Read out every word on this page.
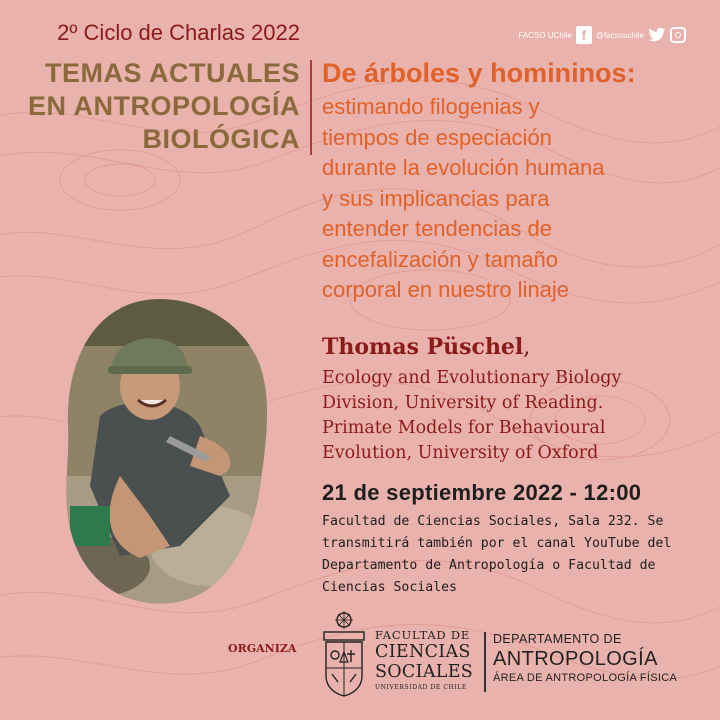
2º Ciclo de Charlas 2022
TEMAS ACTUALES
EN ANTROPOLOGÍA
BIOLÓGICA
FACSO UChile f	@facsouchile
De árboles y homininos:
estimando filogenias y
tiempos de especiación
durante la evolución humana
y sus implicancias para
entender tendencias de
encefalización y tamaño
corporal en nuestro linaje
Thomas Püschel,
Ecology and Evolutionary Biology
Division, University of Reading.
Primate Models for Behavioural
Evolution, University of Oxford
21 de septiembre 2022 - 12:00
Facultad de Ciencias Sociales, Sala 232. Se
transmitirá también por el canal YouTube del
Departamento de Antropología o Facultad de
Ciencias Sociales
ORGANIZA
FACULTAD DE
CIENCIAS
SOCIALES
UNIVERSIDAD DE CHILE
DEPARTAMENTO DE
ANTROPOLOGÍA
ÁREA DE ANTROPOLOGÍA FÍSICA
